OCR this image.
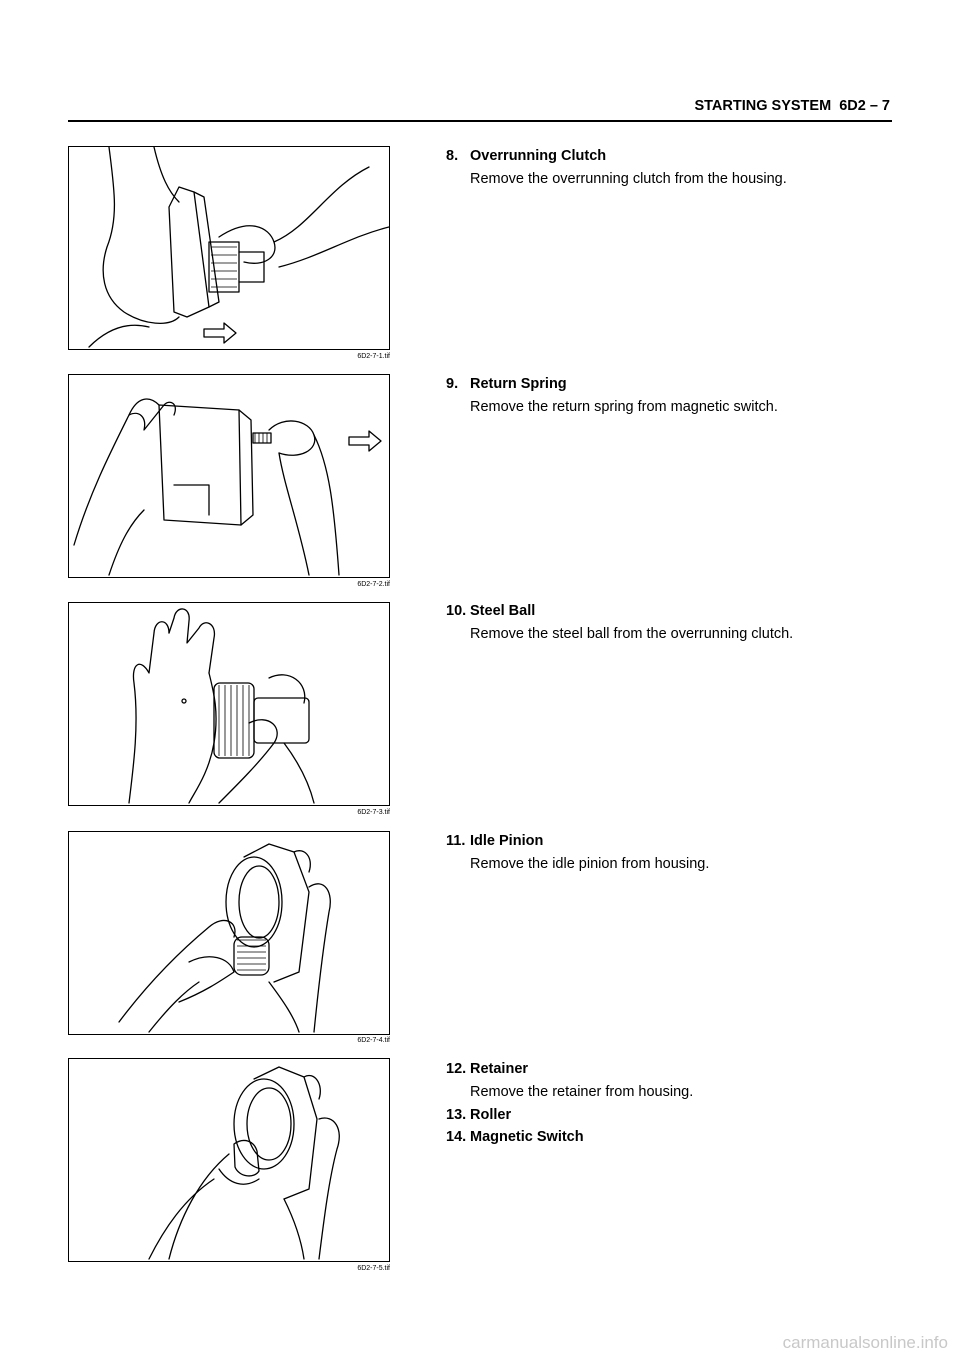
STARTING SYSTEM  6D2 – 7
6D2-7-1.tif
6D2-7-2.tif
6D2-7-3.tif
6D2-7-4.tif
6D2-7-5.tif
8. Overrunning Clutch
Remove the overrunning clutch from the housing.
9. Return Spring
Remove the return spring from magnetic switch.
10. Steel Ball
Remove the steel ball from the overrunning clutch.
11. Idle Pinion
Remove the idle pinion from housing.
12. Retainer
Remove the retainer from housing.
13. Roller
14. Magnetic Switch
carmanualsonline.info
